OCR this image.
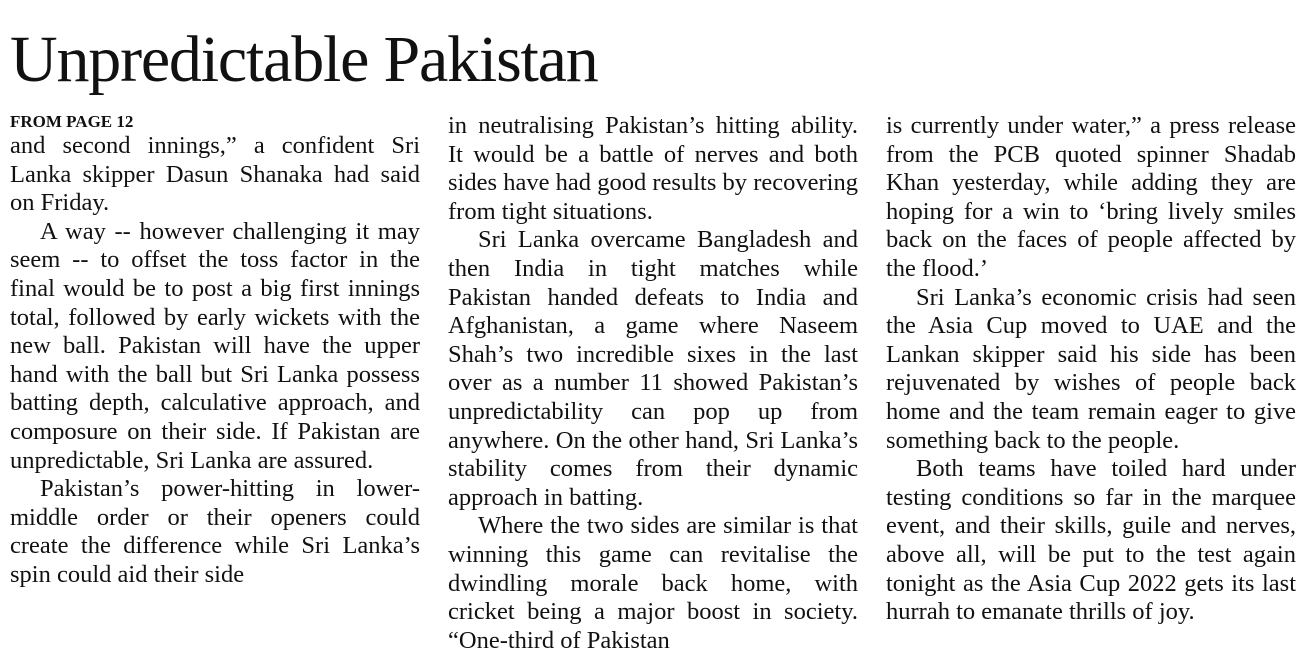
Unpredictable Pakistan
FROM PAGE 12

and second innings,” a confident Sri Lanka skipper Dasun Shanaka had said on Friday.

A way -- however challenging it may seem -- to offset the toss factor in the final would be to post a big first innings total, followed by early wickets with the new ball. Pakistan will have the upper hand with the ball but Sri Lanka possess batting depth, calculative approach, and composure on their side. If Pakistan are unpredictable, Sri Lanka are assured.

Pakistan’s power-hitting in lower-middle order or their openers could create the difference while Sri Lanka’s spin could aid their side

in neutralising Pakistan’s hitting ability. It would be a battle of nerves and both sides have had good results by recovering from tight situations.

Sri Lanka overcame Bangladesh and then India in tight matches while Pakistan handed defeats to India and Afghanistan, a game where Naseem Shah’s two incredible sixes in the last over as a number 11 showed Pakistan’s unpredictability can pop up from anywhere. On the other hand, Sri Lanka’s stability comes from their dynamic approach in batting.

Where the two sides are similar is that winning this game can revitalise the dwindling morale back home, with cricket being a major boost in society. “One-third of Pakistan

is currently under water,” a press release from the PCB quoted spinner Shadab Khan yesterday, while adding they are hoping for a win to ‘bring lively smiles back on the faces of people affected by the flood.’

Sri Lanka’s economic crisis had seen the Asia Cup moved to UAE and the Lankan skipper said his side has been rejuvenated by wishes of people back home and the team remain eager to give something back to the people.

Both teams have toiled hard under testing conditions so far in the marquee event, and their skills, guile and nerves, above all, will be put to the test again tonight as the Asia Cup 2022 gets its last hurrah to emanate thrills of joy.
